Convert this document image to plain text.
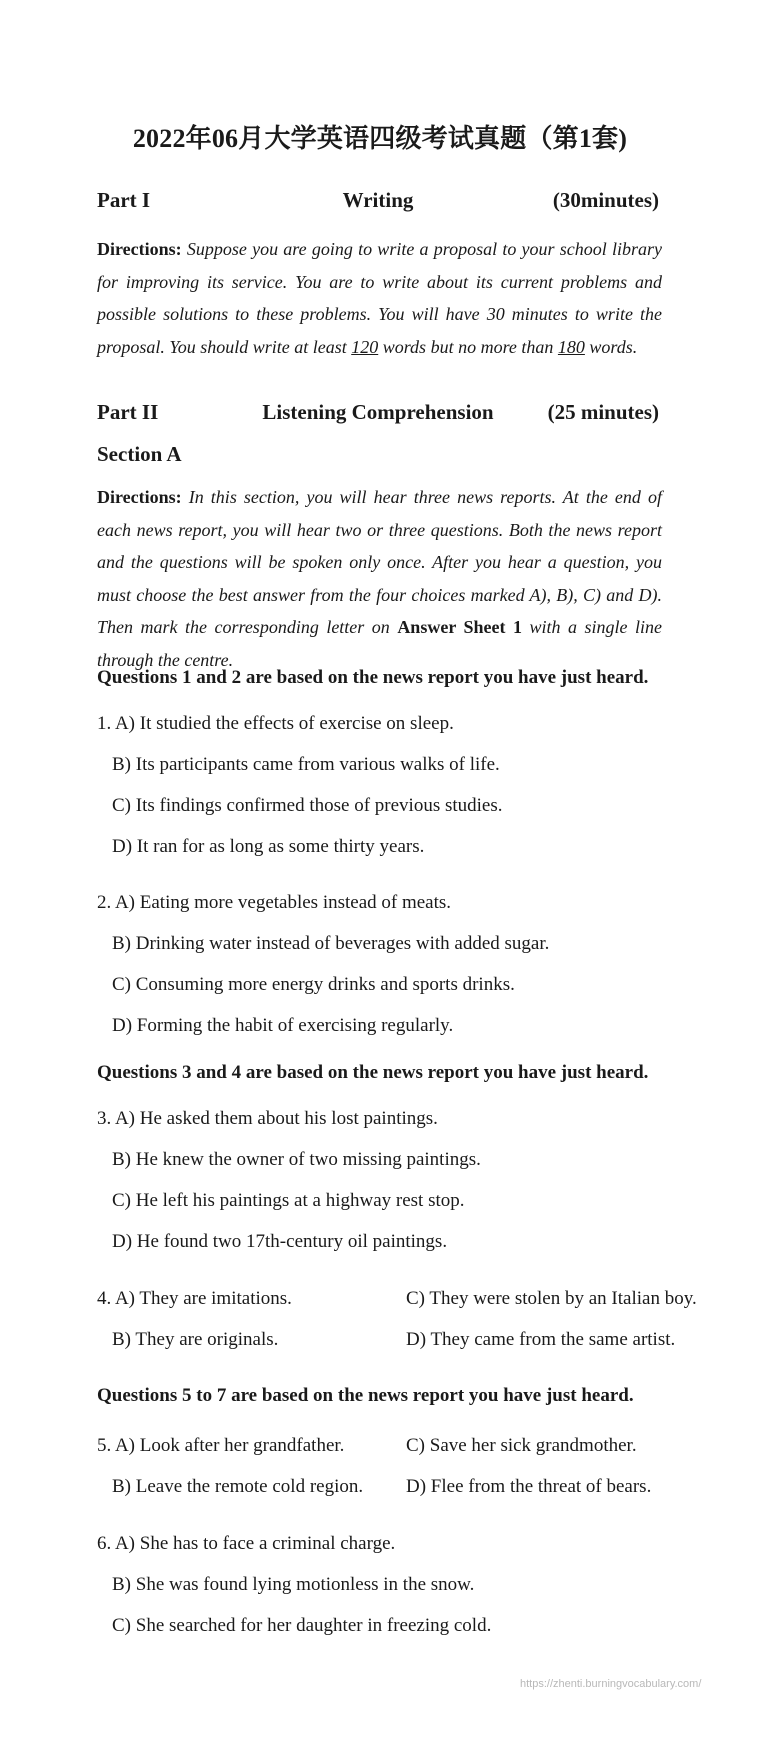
2022年06月大学英语四级考试真题（第1套)
Part I	Writing	(30minutes)
Directions: Suppose you are going to write a proposal to your school library for improving its service. You are to write about its current problems and possible solutions to these problems. You will have 30 minutes to write the proposal. You should write at least 120 words but no more than 180 words.
Part II	Listening Comprehension	(25 minutes)
Section A
Directions: In this section, you will hear three news reports. At the end of each news report, you will hear two or three questions. Both the news report and the questions will be spoken only once. After you hear a question, you must choose the best answer from the four choices marked A), B), C) and D). Then mark the corresponding letter on Answer Sheet 1 with a single line through the centre.
Questions 1 and 2 are based on the news report you have just heard.
1. A) It studied the effects of exercise on sleep.
B) Its participants came from various walks of life.
C) Its findings confirmed those of previous studies.
D) It ran for as long as some thirty years.
2. A) Eating more vegetables instead of meats.
B) Drinking water instead of beverages with added sugar.
C) Consuming more energy drinks and sports drinks.
D) Forming the habit of exercising regularly.
Questions 3 and 4 are based on the news report you have just heard.
3. A) He asked them about his lost paintings.
B) He knew the owner of two missing paintings.
C) He left his paintings at a highway rest stop.
D) He found two 17th-century oil paintings.
4. A) They are imitations.
B) They are originals.
C) They were stolen by an Italian boy.
D) They came from the same artist.
Questions 5 to 7 are based on the news report you have just heard.
5. A) Look after her grandfather.
B) Leave the remote cold region.
C) Save her sick grandmother.
D) Flee from the threat of bears.
6. A) She has to face a criminal charge.
B) She was found lying motionless in the snow.
C) She searched for her daughter in freezing cold.
https://zhenti.burningvocabulary.com/
